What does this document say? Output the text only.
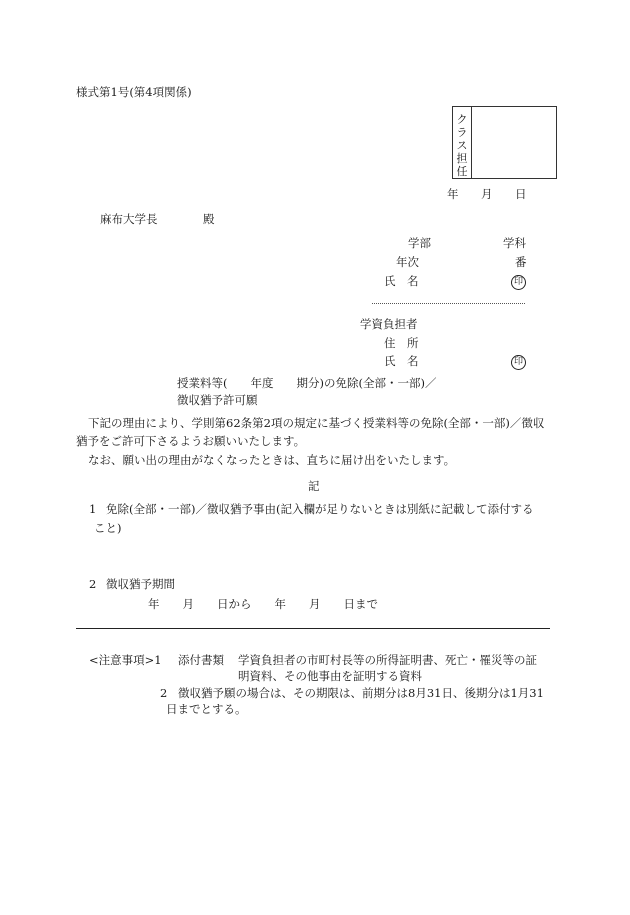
様式第1号(第4項関係)
ク
ラ
ス
担
任
年 月 日
麻布大学長	殿
学部	学科
年次	番
氏　名	印
学資負担者
住　所
氏　名	印
授業料等(　　年度　　期分)の免除(全部・一部)／
徴収猶予許可願
下記の理由により、学則第62条第2項の規定に基づく授業料等の免除(全部・一部)／徴収猶予をご許可下さるようお願いいたします。
なお、願い出の理由がなくなったときは、直ちに届け出をいたします。
記
1 免除(全部・一部)／徴収猶予事由(記入欄が足りないときは別紙に記載して添付する
こと)
2 徴収猶予期間
年　　月　　日から　　年　　月　　日まで
<注意事項>1 添付書類 学資負担者の市町村長等の所得証明書、死亡・罹災等の証
明資料、その他事由を証明する資料
2 徴収猶予願の場合は、その期限は、前期分は8月31日、後期分は1月31
日までとする。
